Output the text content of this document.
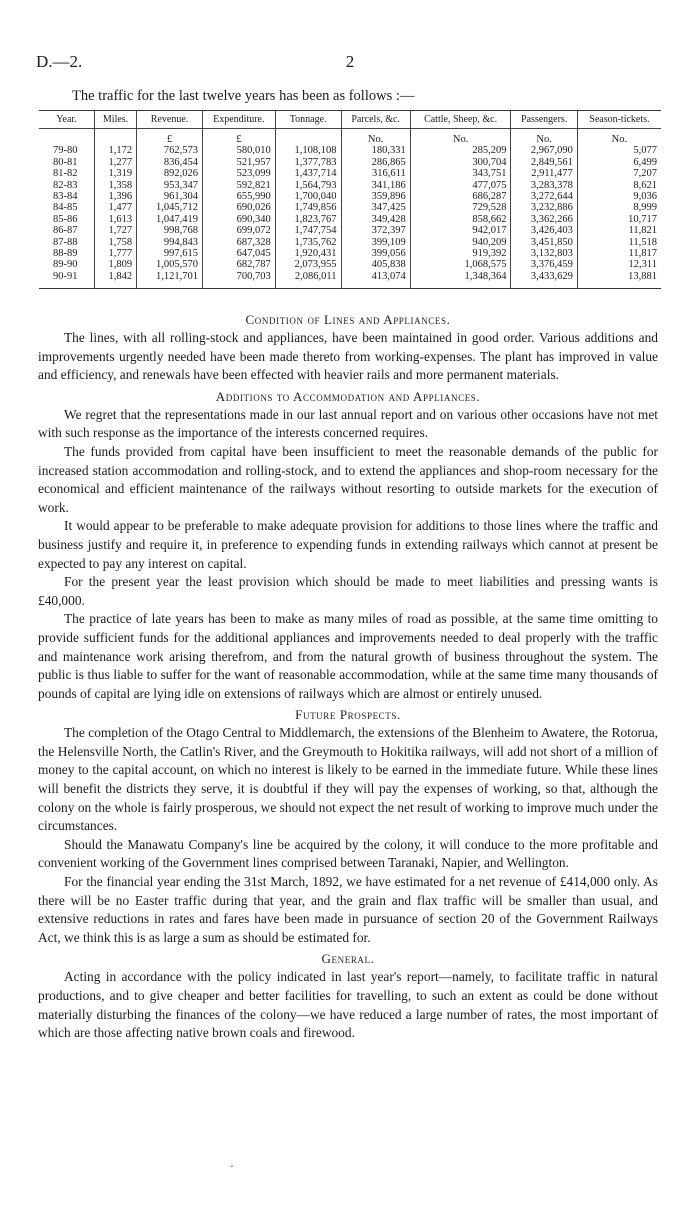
D.—2.	2
The traffic for the last twelve years has been as follows :—
Year.	Miles.	Revenue.	Expenditure.	Tonnage.	Parcels, &c.	Cattle, Sheep, &c.	Passengers.	Season-tickets.
		£	£		No.	No.	No.	No.
79-80	1,172	762,573	580,010	1,108,108	180,331	285,209	2,967,090	5,077
80-81	1,277	836,454	521,957	1,377,783	286,865	300,704	2,849,561	6,499
81-82	1,319	892,026	523,099	1,437,714	316,611	343,751	2,911,477	7,207
82-83	1,358	953,347	592,821	1,564,793	341,186	477,075	3,283,378	8,621
83-84	1,396	961,304	655,990	1,700,040	359,896	686,287	3,272,644	9,036
84-85	1,477	1,045,712	690,026	1,749,856	347,425	729,528	3,232,886	8,999
85-86	1,613	1,047,419	690,340	1,823,767	349,428	858,662	3,362,266	10,717
86-87	1,727	998,768	699,072	1,747,754	372,397	942,017	3,426,403	11,821
87-88	1,758	994,843	687,328	1,735,762	399,109	940,209	3,451,850	11,518
88-89	1,777	997,615	647,045	1,920,431	399,056	919,392	3,132,803	11,817
89-90	1,809	1,005,570	682,787	2,073,955	405,838	1,068,575	3,376,459	12,311
90-91	1,842	1,121,701	700,703	2,086,011	413,074	1,348,364	3,433,629	13,881
Condition of Lines and Appliances.

The lines, with all rolling-stock and appliances, have been maintained in good order. Various additions and improvements urgently needed have been made thereto from working-expenses. The plant has improved in value and efficiency, and renewals have been effected with heavier rails and more permanent materials.

Additions to Accommodation and Appliances.

We regret that the representations made in our last annual report and on various other occasions have not met with such response as the importance of the interests concerned requires.

The funds provided from capital have been insufficient to meet the reasonable demands of the public for increased station accommodation and rolling-stock, and to extend the appliances and shop-room necessary for the economical and efficient maintenance of the railways without resorting to outside markets for the execution of work.

It would appear to be preferable to make adequate provision for additions to those lines where the traffic and business justify and require it, in preference to expending funds in extending railways which cannot at present be expected to pay any interest on capital.

For the present year the least provision which should be made to meet liabilities and pressing wants is £40,000.

The practice of late years has been to make as many miles of road as possible, at the same time omitting to provide sufficient funds for the additional appliances and improvements needed to deal properly with the traffic and maintenance work arising therefrom, and from the natural growth of business throughout the system. The public is thus liable to suffer for the want of reasonable accommodation, while at the same time many thousands of pounds of capital are lying idle on extensions of railways which are almost or entirely unused.

Future Prospects.

The completion of the Otago Central to Middlemarch, the extensions of the Blenheim to Awatere, the Rotorua, the Helensville North, the Catlin's River, and the Greymouth to Hokitika railways, will add not short of a million of money to the capital account, on which no interest is likely to be earned in the immediate future. While these lines will benefit the districts they serve, it is doubtful if they will pay the expenses of working, so that, although the colony on the whole is fairly prosperous, we should not expect the net result of working to improve much under the circumstances.

Should the Manawatu Company's line be acquired by the colony, it will conduce to the more profitable and convenient working of the Government lines comprised between Taranaki, Napier, and Wellington.

For the financial year ending the 31st March, 1892, we have estimated for a net revenue of £414,000 only. As there will be no Easter traffic during that year, and the grain and flax traffic will be smaller than usual, and extensive reductions in rates and fares have been made in pursuance of section 20 of the Government Railways Act, we think this is as large a sum as should be estimated for.

General.

Acting in accordance with the policy indicated in last year's report—namely, to facilitate traffic in natural productions, and to give cheaper and better facilities for travelling, to such an extent as could be done without materially disturbing the finances of the colony—we have reduced a large number of rates, the most important of which are those affecting native brown coals and firewood.

ˇ
